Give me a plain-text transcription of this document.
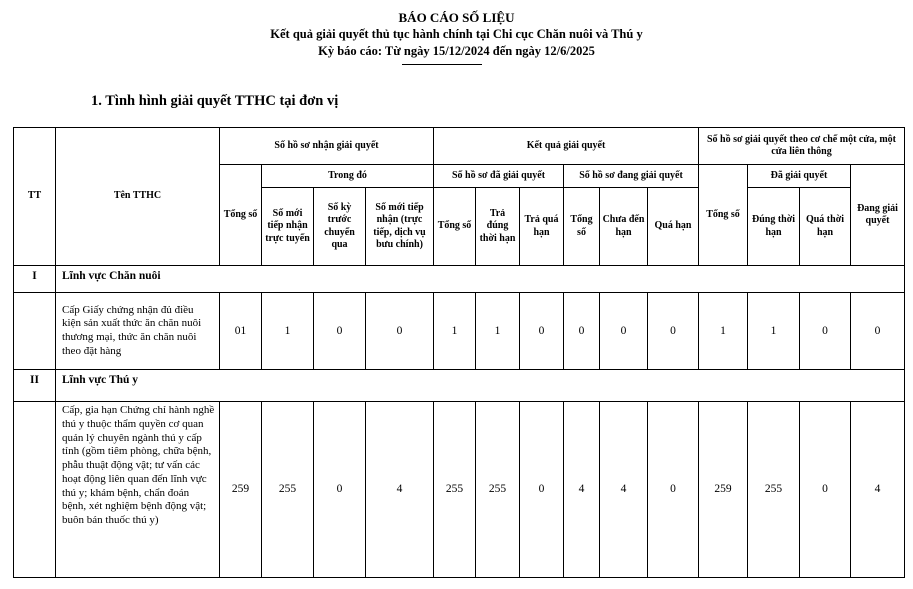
BÁO CÁO SỐ LIỆU
Kết quả giải quyết thủ tục hành chính tại Chi cục Chăn nuôi và Thú y
Kỳ báo cáo: Từ ngày 15/12/2024 đến ngày 12/6/2025
1. Tình hình giải quyết TTHC tại đơn vị
TT	Tên TTHC	Số hồ sơ nhận giải quyết				Kết quả giải quyết						Số hồ sơ giải quyết theo cơ chế một cửa, một cửa liên thông			
		Tổng số	Trong đó			Số hồ sơ đã giải quyết			Số hồ sơ đang giải quyết			Tổng số	Đã giải quyết		Đang giải quyết
			Số mới tiếp nhận trực tuyến	Số kỳ trước chuyển qua	Số mới tiếp nhận (trực tiếp, dịch vụ bưu chính)	Tổng số	Trả đúng thời hạn	Trả quá hạn	Tổng số	Chưa đến hạn	Quá hạn		Đúng thời hạn	Quá thời hạn	
I	Lĩnh vực Chăn nuôi														
	Cấp Giấy chứng nhận đủ điều kiện sản xuất thức ăn chăn nuôi thương mại, thức ăn chăn nuôi theo đặt hàng	01	1	0	0	1	1	0	0	0	0	1	1	0	0
II	Lĩnh vực Thú y														
	Cấp, gia hạn Chứng chỉ hành nghề thú y thuộc thẩm quyền cơ quan quản lý chuyên ngành thú y cấp tỉnh (gồm tiêm phòng, chữa bệnh, phẫu thuật động vật; tư vấn các hoạt động liên quan đến lĩnh vực thú y; khám bệnh, chẩn đoán bệnh, xét nghiệm bệnh động vật; buôn bán thuốc thú y)	259	255	0	4	255	255	0	4	4	0	259	255	0	4
